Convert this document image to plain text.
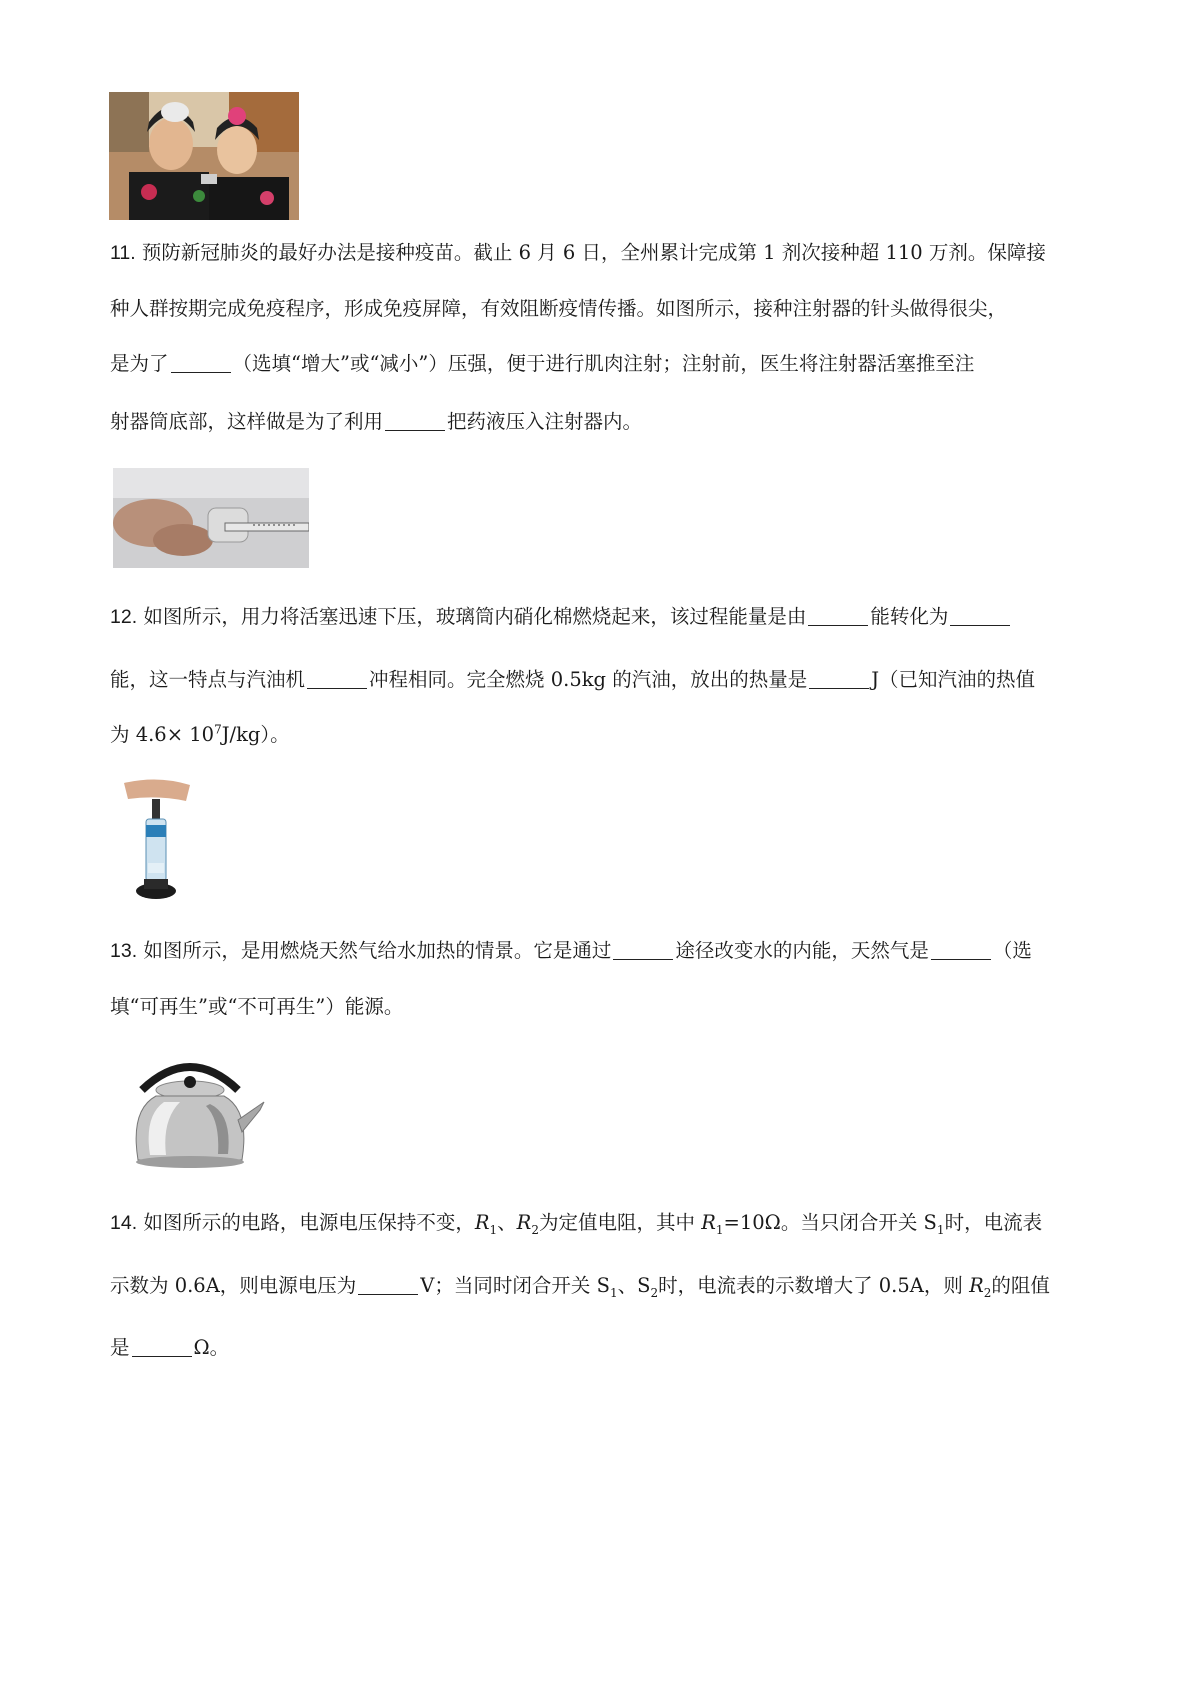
11. 预防新冠肺炎的最好办法是接种疫苗。截止 6 月 6 日，全州累计完成第 1 剂次接种超 110 万剂。保障接
种人群按期完成免疫程序，形成免疫屏障，有效阻断疫情传播。如图所示，接种注射器的针头做得很尖，
是为了	（选填“增大”或“减小”）压强，便于进行肌肉注射；注射前，医生将注射器活塞推至注
射器筒底部，这样做是为了利用	把药液压入注射器内。
12. 如图所示，用力将活塞迅速下压，玻璃筒内硝化棉燃烧起来，该过程能量是由	能转化为
能，这一特点与汽油机	冲程相同。完全燃烧 0.5kg 的汽油，放出的热量是	J（已知汽油的热值
为 $4.6\times 10^7J/kg$）。
13. 如图所示，是用燃烧天然气给水加热的情景。它是通过	途径改变水的内能，天然气是	（选
填“可再生”或“不可再生”）能源。
14. 如图所示的电路，电源电压保持不变，$R_1$、$R_2$为定值电阻，其中 $R_1=10\Omega$。当只闭合开关 $S_1$时，电流表
示数为 0.6A，则电源电压为	V；当同时闭合开关 $S_1$、$S_2$时，电流表的示数增大了 0.5A，则 $R_2$的阻值
是	Ω。
